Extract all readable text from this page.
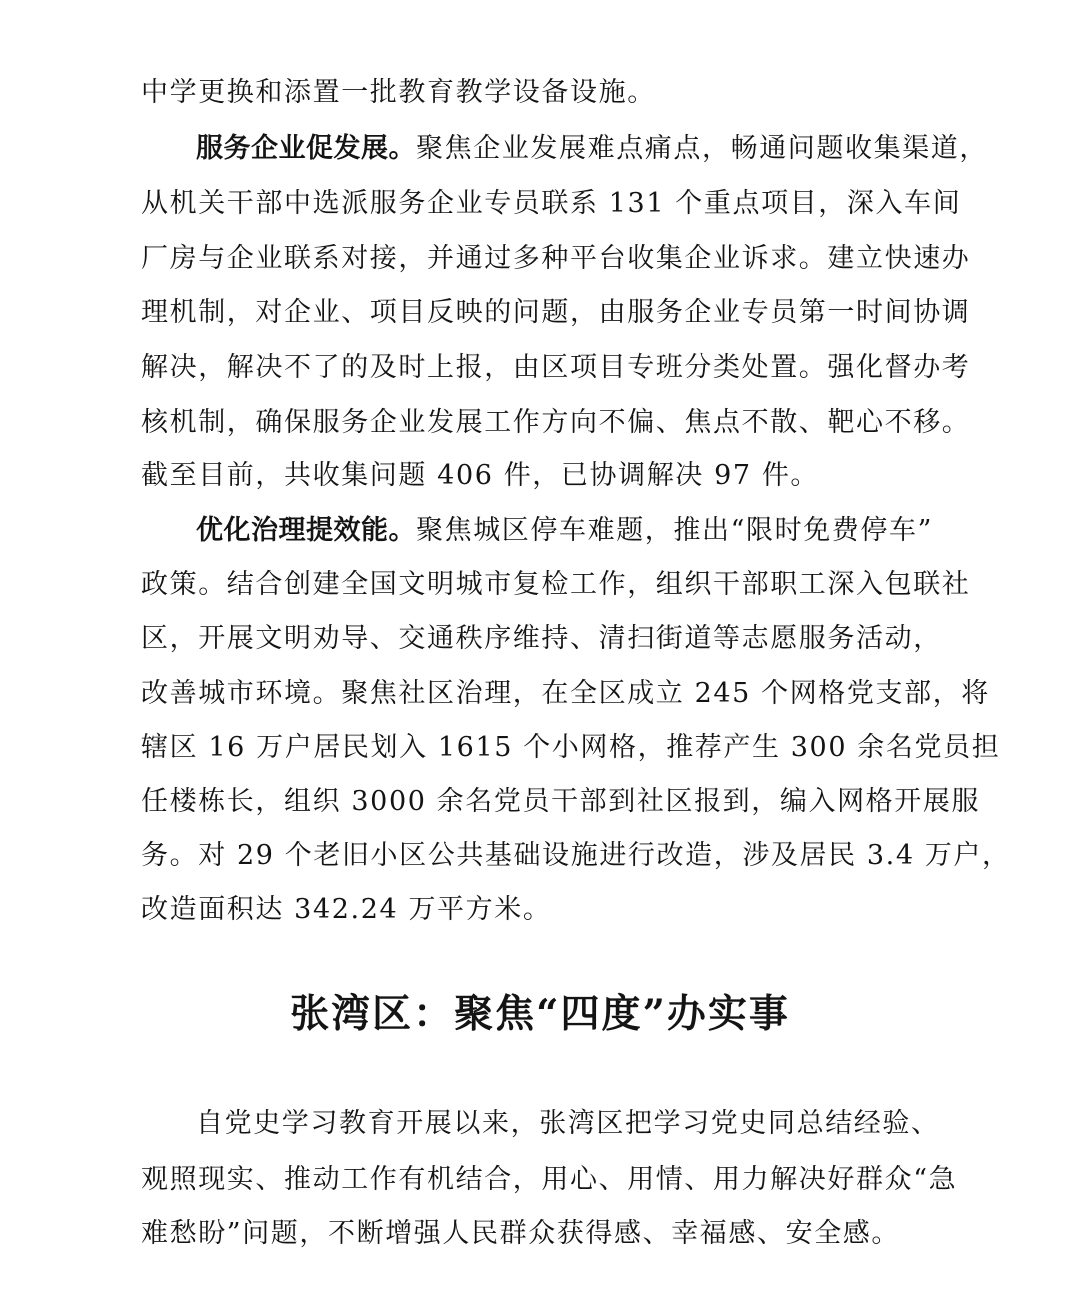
中学更换和添置一批教育教学设备设施。
服务企业促发展。聚焦企业发展难点痛点，畅通问题收集渠道，
从机关干部中选派服务企业专员联系 131 个重点项目，深入车间
厂房与企业联系对接，并通过多种平台收集企业诉求。建立快速办
理机制，对企业、项目反映的问题，由服务企业专员第一时间协调
解决，解决不了的及时上报，由区项目专班分类处置。强化督办考
核机制，确保服务企业发展工作方向不偏、焦点不散、靶心不移。
截至目前，共收集问题 406 件，已协调解决 97 件。
优化治理提效能。聚焦城区停车难题，推出“限时免费停车”
政策。结合创建全国文明城市复检工作，组织干部职工深入包联社
区，开展文明劝导、交通秩序维持、清扫街道等志愿服务活动，
改善城市环境。聚焦社区治理，在全区成立 245 个网格党支部，将
辖区 16 万户居民划入 1615 个小网格，推荐产生 300 余名党员担
任楼栋长，组织 3000 余名党员干部到社区报到，编入网格开展服
务。对 29 个老旧小区公共基础设施进行改造，涉及居民 3.4 万户，
改造面积达 342.24 万平方米。
张湾区：聚焦“四度”办实事
自党史学习教育开展以来，张湾区把学习党史同总结经验、
观照现实、推动工作有机结合，用心、用情、用力解决好群众“急
难愁盼”问题，不断增强人民群众获得感、幸福感、安全感。
